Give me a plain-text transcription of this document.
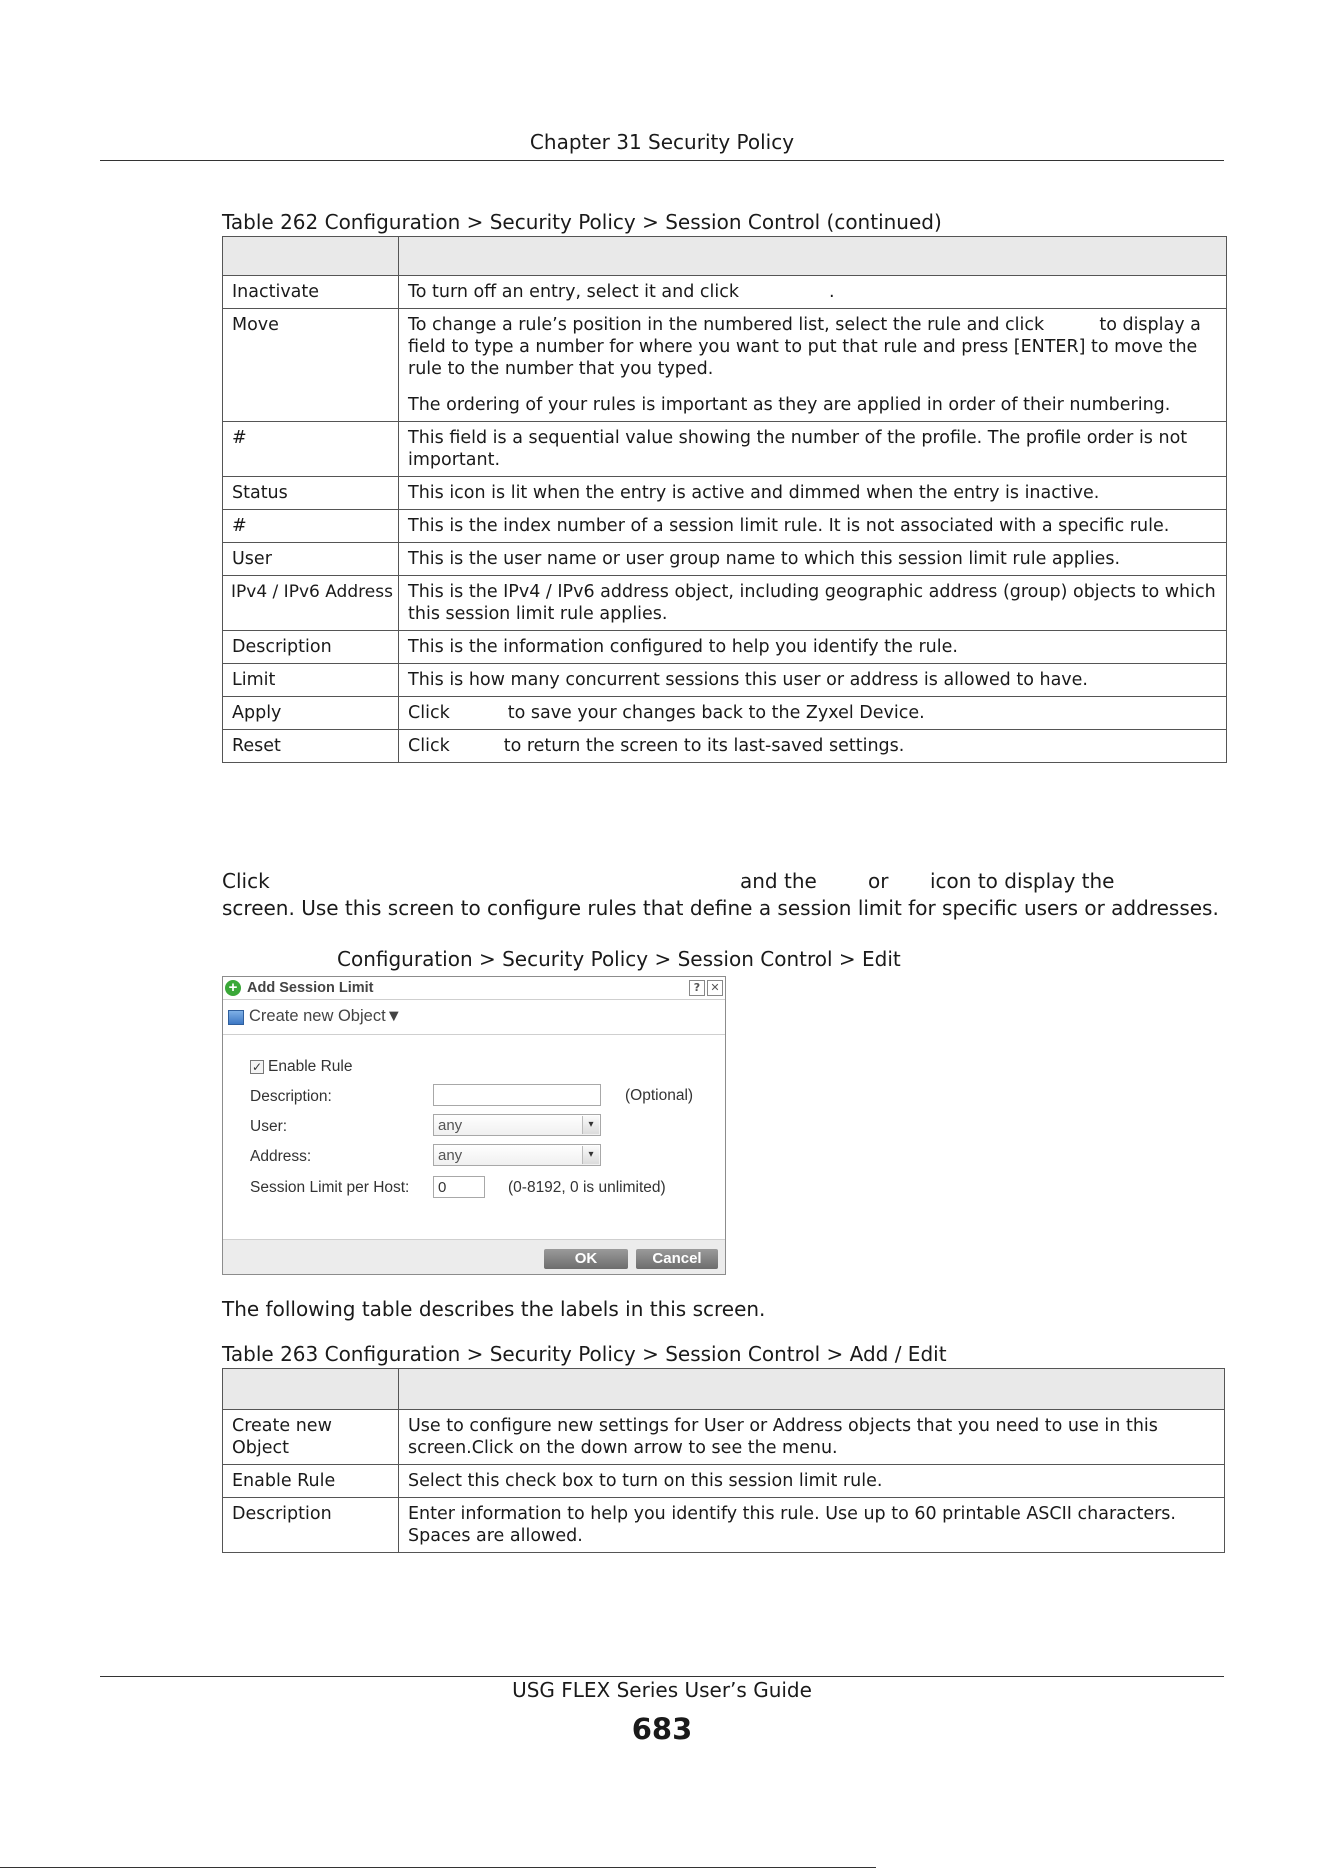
Chapter 31 Security Policy
Table 262 Configuration > Security Policy > Session Control (continued)

Inactivate	To turn off an entry, select it and click .
Move	To change a rule’s position in the numbered list, select the rule and click to display a field to type a number for where you want to put that rule and press [ENTER] to move the rule to the number that you typed.

The ordering of your rules is important as they are applied in order of their numbering.

#	This field is a sequential value showing the number of the profile. The profile order is not important.
Status	This icon is lit when the entry is active and dimmed when the entry is inactive.
#	This is the index number of a session limit rule. It is not associated with a specific rule.
User	This is the user name or user group name to which this session limit rule applies.
IPv4 / IPv6 Address	This is the IPv4 / IPv6 address object, including geographic address (group) objects to which this session limit rule applies.
Description	This is the information configured to help you identify the rule.
Limit	This is how many concurrent sessions this user or address is allowed to have.
Apply	Click to save your changes back to the Zyxel Device.
Reset	Click to return the screen to its last-saved settings.
Click	and the	or icon to display the
screen. Use this screen to configure rules that define a session limit for specific users or addresses.
Configuration > Security Policy > Session Control > Edit
+ Add Session Limit	? ✕
Create new Object▼
✓ Enable Rule
Description:	(Optional)
User:	any	▾
Address:	any	▾
Session Limit per Host:	0	(0-8192, 0 is unlimited)
OK	Cancel
The following table describes the labels in this screen.
Table 263 Configuration > Security Policy > Session Control > Add / Edit

Create new Object	Use to configure new settings for User or Address objects that you need to use in this screen.Click on the down arrow to see the menu.
Enable Rule	Select this check box to turn on this session limit rule.
Description	Enter information to help you identify this rule. Use up to 60 printable ASCII characters. Spaces are allowed.
USG FLEX Series User’s Guide
683
